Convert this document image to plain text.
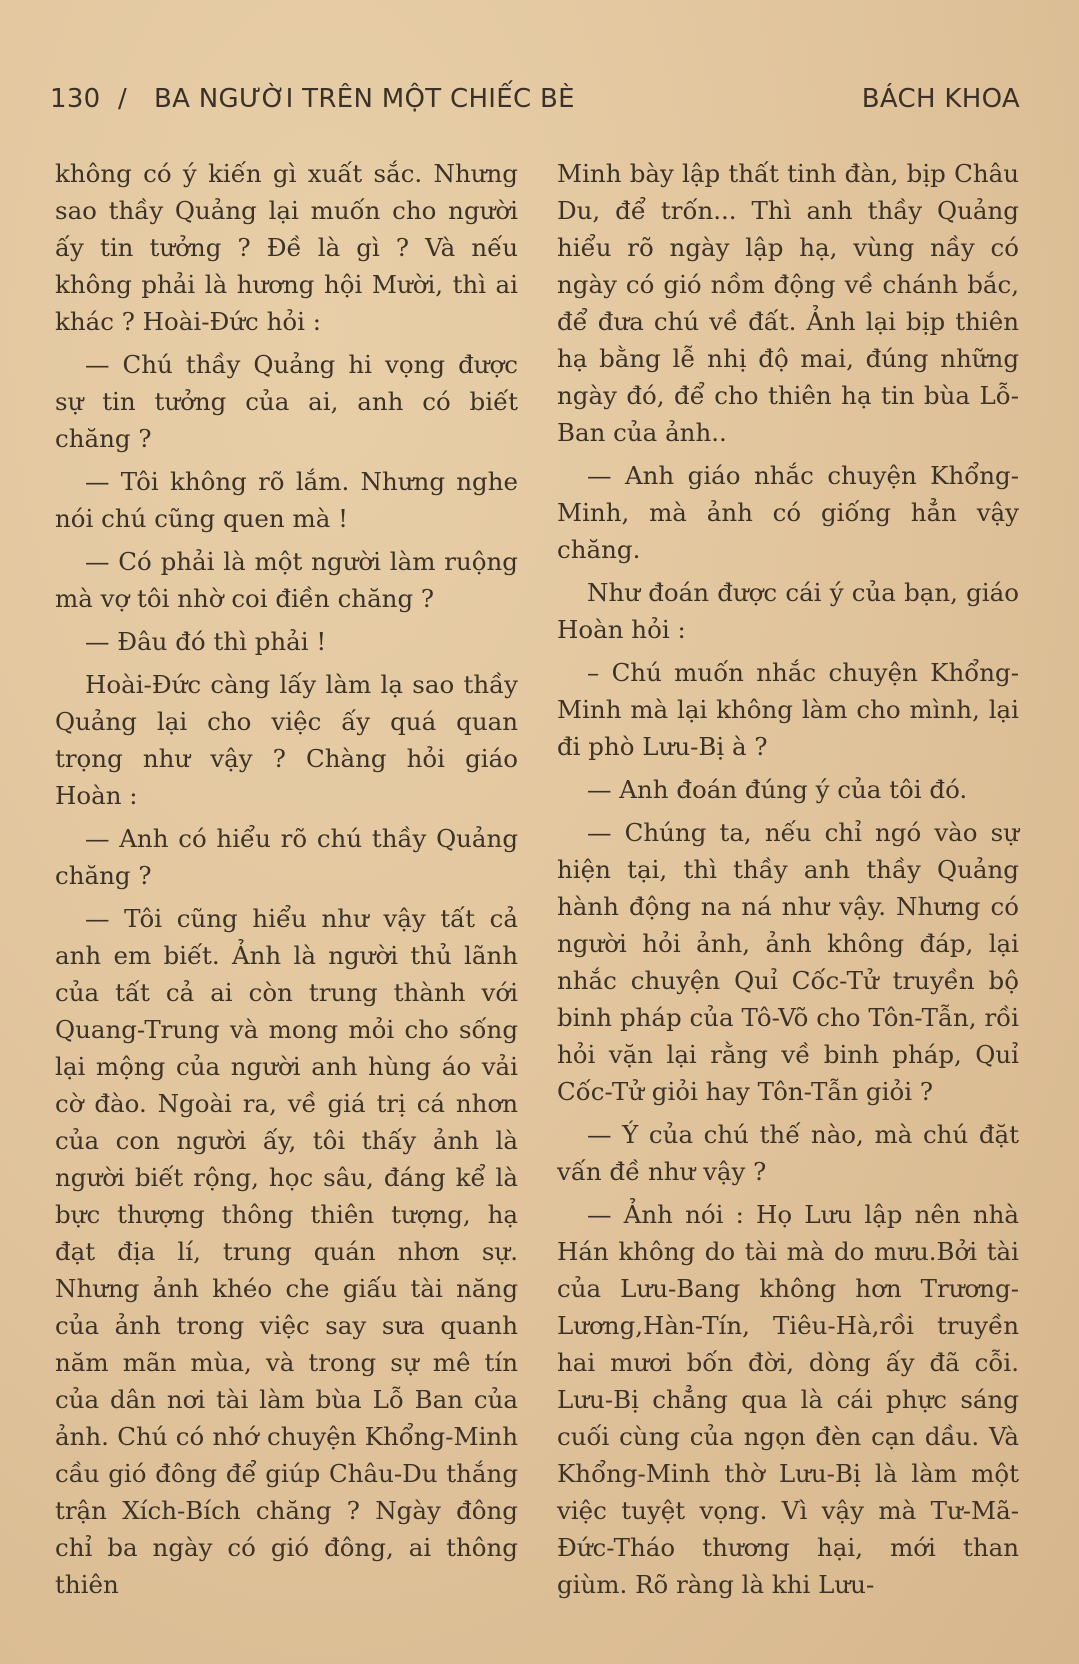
130 / BA NGƯỜI TRÊN MỘT CHIẾC BÈ	BÁCH KHOA

không có ý kiến gì xuất sắc. Nhưng sao thầy Quảng lại muốn cho người ấy tin tưởng ? Đề là gì ? Và nếu không phải là hương hội Mười, thì ai khác ? Hoài-Đức hỏi :

— Chú thầy Quảng hi vọng được sự tin tưởng của ai, anh có biết chăng ?

— Tôi không rõ lắm. Nhưng nghe nói chú cũng quen mà !

— Có phải là một người làm ruộng mà vợ tôi nhờ coi điền chăng ?

— Đâu đó thì phải !

Hoài-Đức càng lấy làm lạ sao thầy Quảng lại cho việc ấy quá quan trọng như vậy ? Chàng hỏi giáo Hoàn :

— Anh có hiểu rõ chú thầy Quảng chăng ?

— Tôi cũng hiểu như vậy tất cả anh em biết. Ảnh là người thủ lãnh của tất cả ai còn trung thành với Quang-Trung và mong mỏi cho sống lại mộng của người anh hùng áo vải cờ đào. Ngoài ra, về giá trị cá nhơn của con người ấy, tôi thấy ảnh là người biết rộng, học sâu, đáng kể là bực thượng thông thiên tượng, hạ đạt địa lí, trung quán nhơn sự. Nhưng ảnh khéo che giấu tài năng của ảnh trong việc say sưa quanh năm mãn mùa, và trong sự mê tín của dân nơi tài làm bùa Lỗ Ban của ảnh. Chú có nhớ chuyện Khổng-Minh cầu gió đông để giúp Châu-Du thắng trận Xích-Bích chăng ? Ngày đông chỉ ba ngày có gió đông, ai thông thiên

Minh bày lập thất tinh đàn, bịp Châu Du, để trốn... Thì anh thầy Quảng hiểu rõ ngày lập hạ, vùng nầy có ngày có gió nồm động về chánh bắc, để đưa chú về đất. Ảnh lại bịp thiên hạ bằng lễ nhị độ mai, đúng những ngày đó, để cho thiên hạ tin bùa Lỗ-Ban của ảnh..

— Anh giáo nhắc chuyện Khổng-Minh, mà ảnh có giống hẳn vậy chăng.

Như đoán được cái ý của bạn, giáo Hoàn hỏi :

– Chú muốn nhắc chuyện Khổng-Minh mà lại không làm cho mình, lại đi phò Lưu-Bị à ?

— Anh đoán đúng ý của tôi đó.

— Chúng ta, nếu chỉ ngó vào sự hiện tại, thì thầy anh thầy Quảng hành động na ná như vậy. Nhưng có người hỏi ảnh, ảnh không đáp, lại nhắc chuyện Quỉ Cốc-Tử truyền bộ binh pháp của Tô-Võ cho Tôn-Tẫn, rồi hỏi vặn lại rằng về binh pháp, Quỉ Cốc-Tử giỏi hay Tôn-Tẫn giỏi ?

— Ý của chú thế nào, mà chú đặt vấn đề như vậy ?

— Ảnh nói : Họ Lưu lập nên nhà Hán không do tài mà do mưu.Bởi tài của Lưu-Bang không hơn Trương-Lương,Hàn-Tín, Tiêu-Hà,rồi truyền hai mươi bốn đời, dòng ấy đã cỗi. Lưu-Bị chẳng qua là cái phực sáng cuối cùng của ngọn đèn cạn dầu. Và Khổng-Minh thờ Lưu-Bị là làm một việc tuyệt vọng. Vì vậy mà Tư-Mã-Đức-Tháo thương hại, mới than giùm. Rõ ràng là khi Lưu-
